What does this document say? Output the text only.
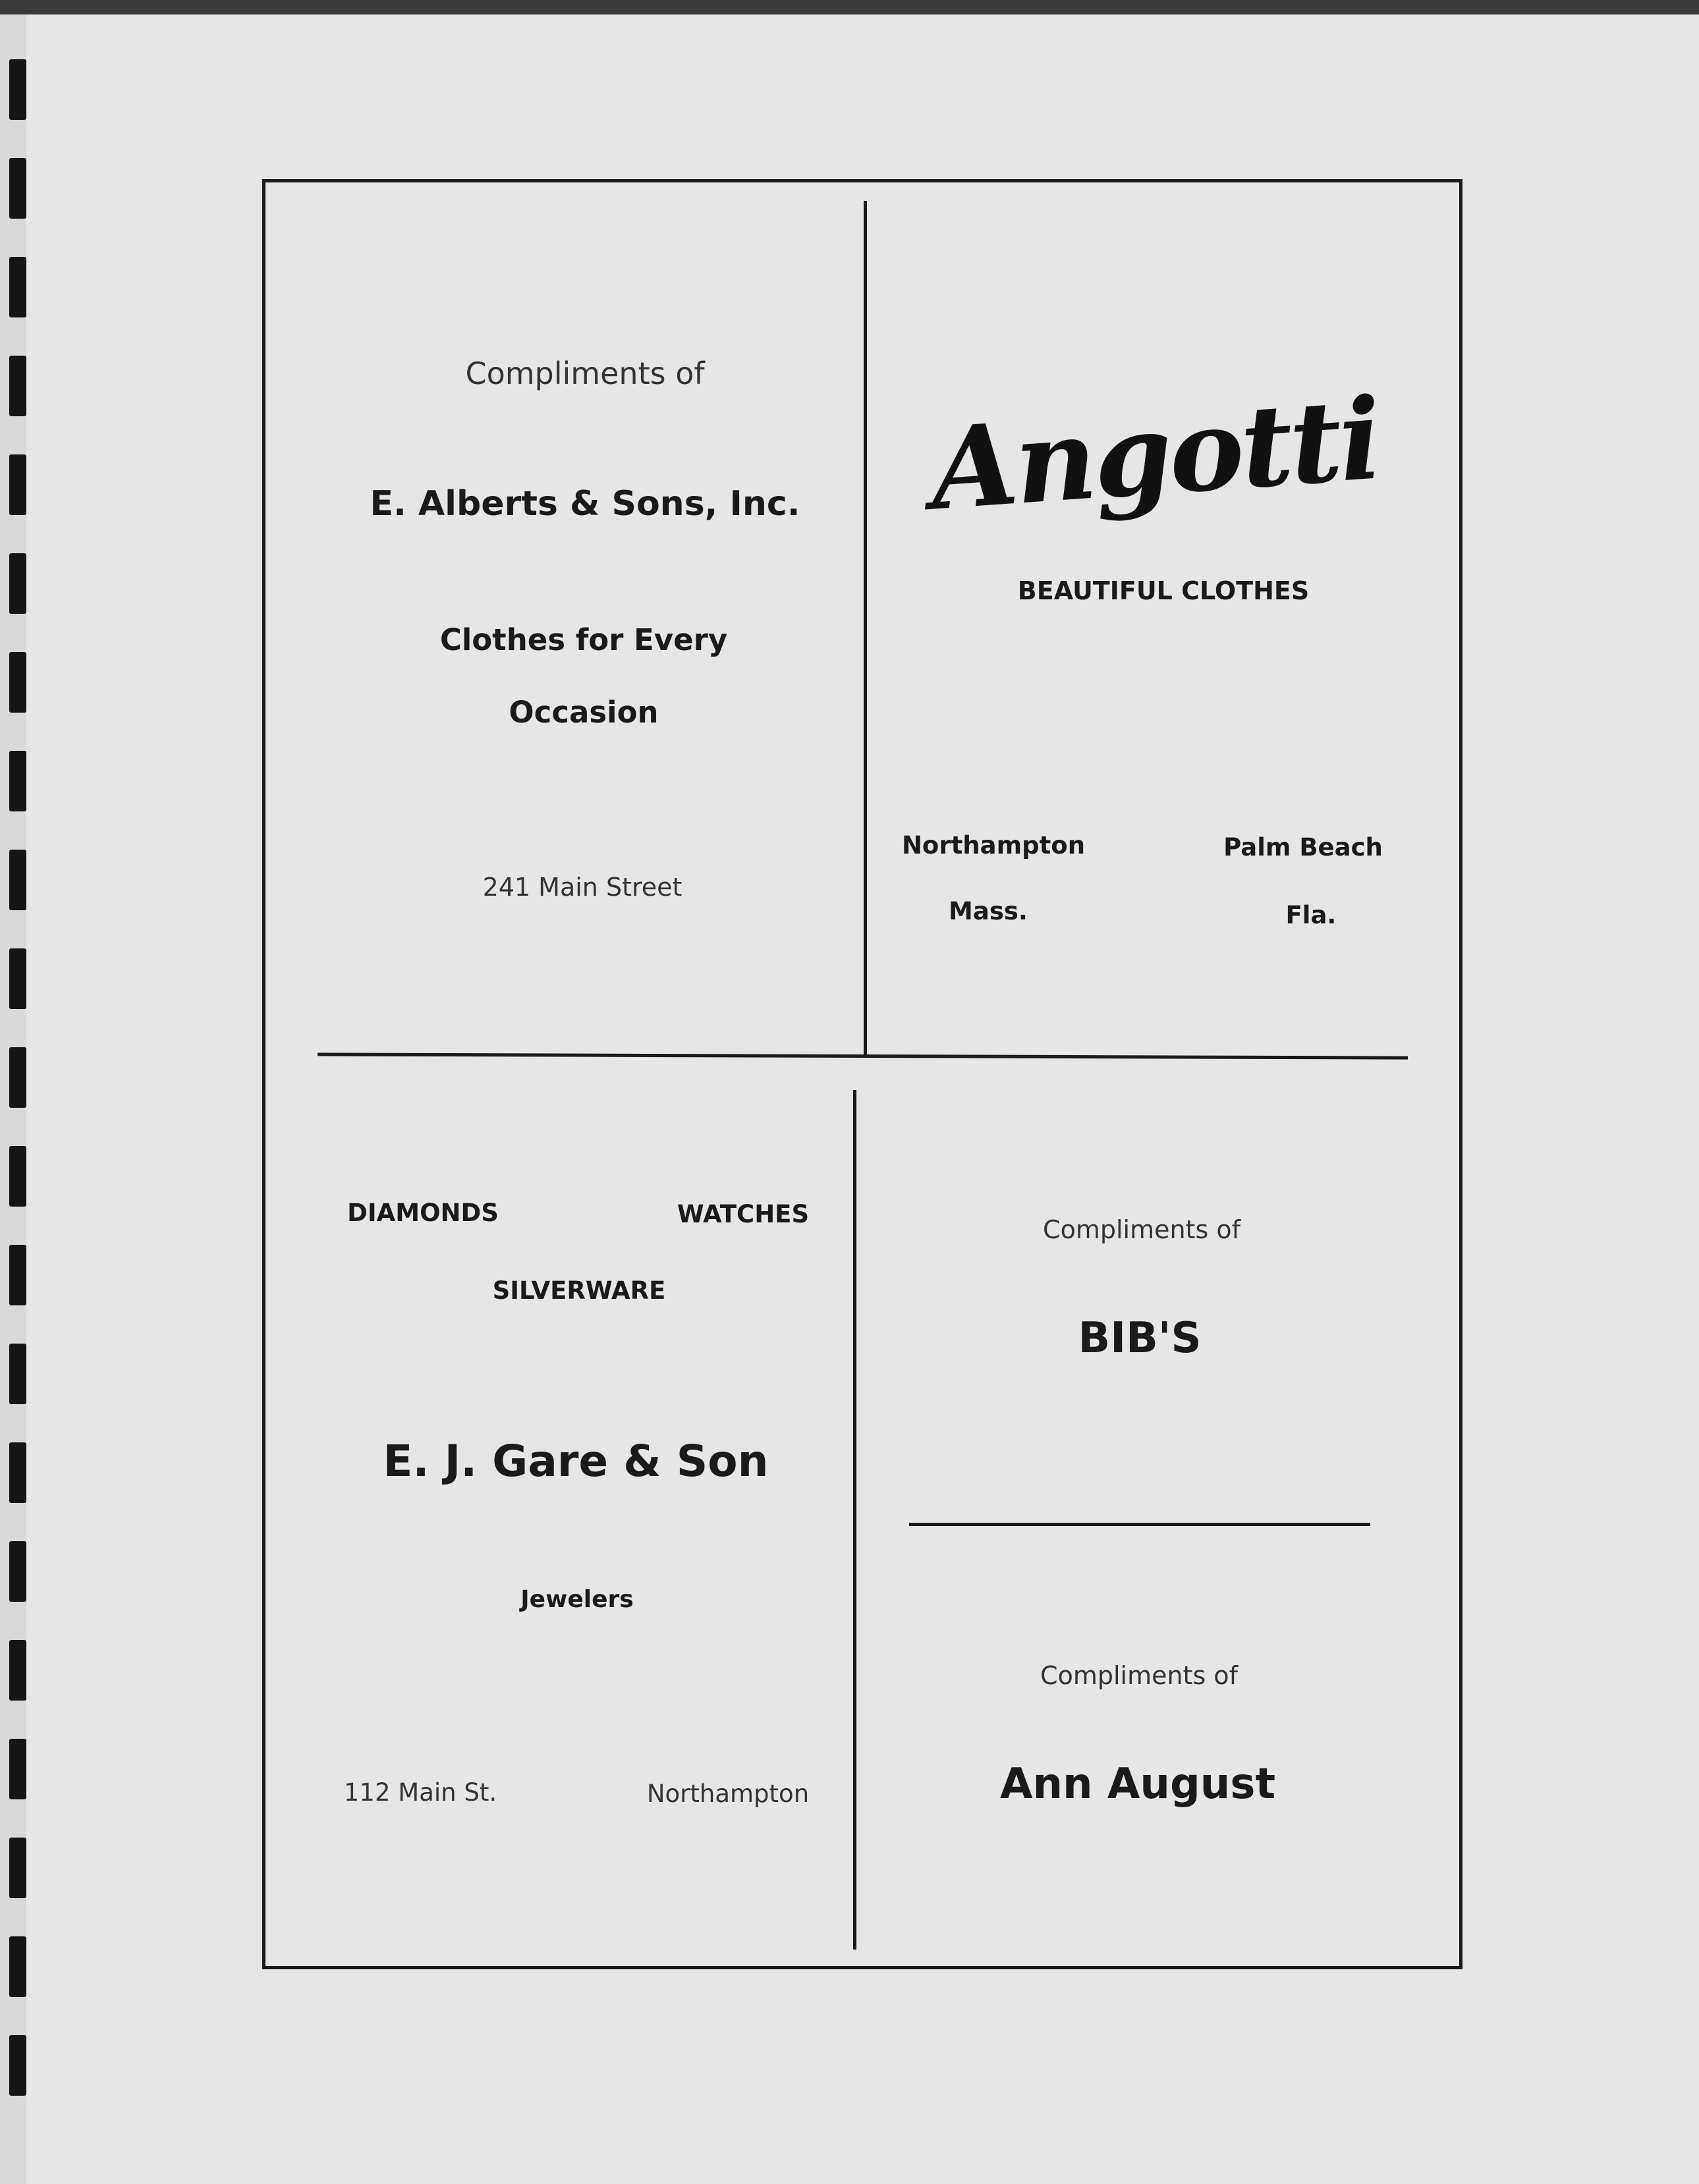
Compliments of
E. Alberts & Sons, Inc.
Clothes for Every
Occasion
241 Main Street
Angotti
BEAUTIFUL CLOTHES
Northampton
Mass.
Palm Beach
Fla.
DIAMONDS	WATCHES
SILVERWARE
E. J. Gare & Son
Jewelers
112 Main St.	Northampton
Compliments of
BIB'S
Compliments of
Ann August
